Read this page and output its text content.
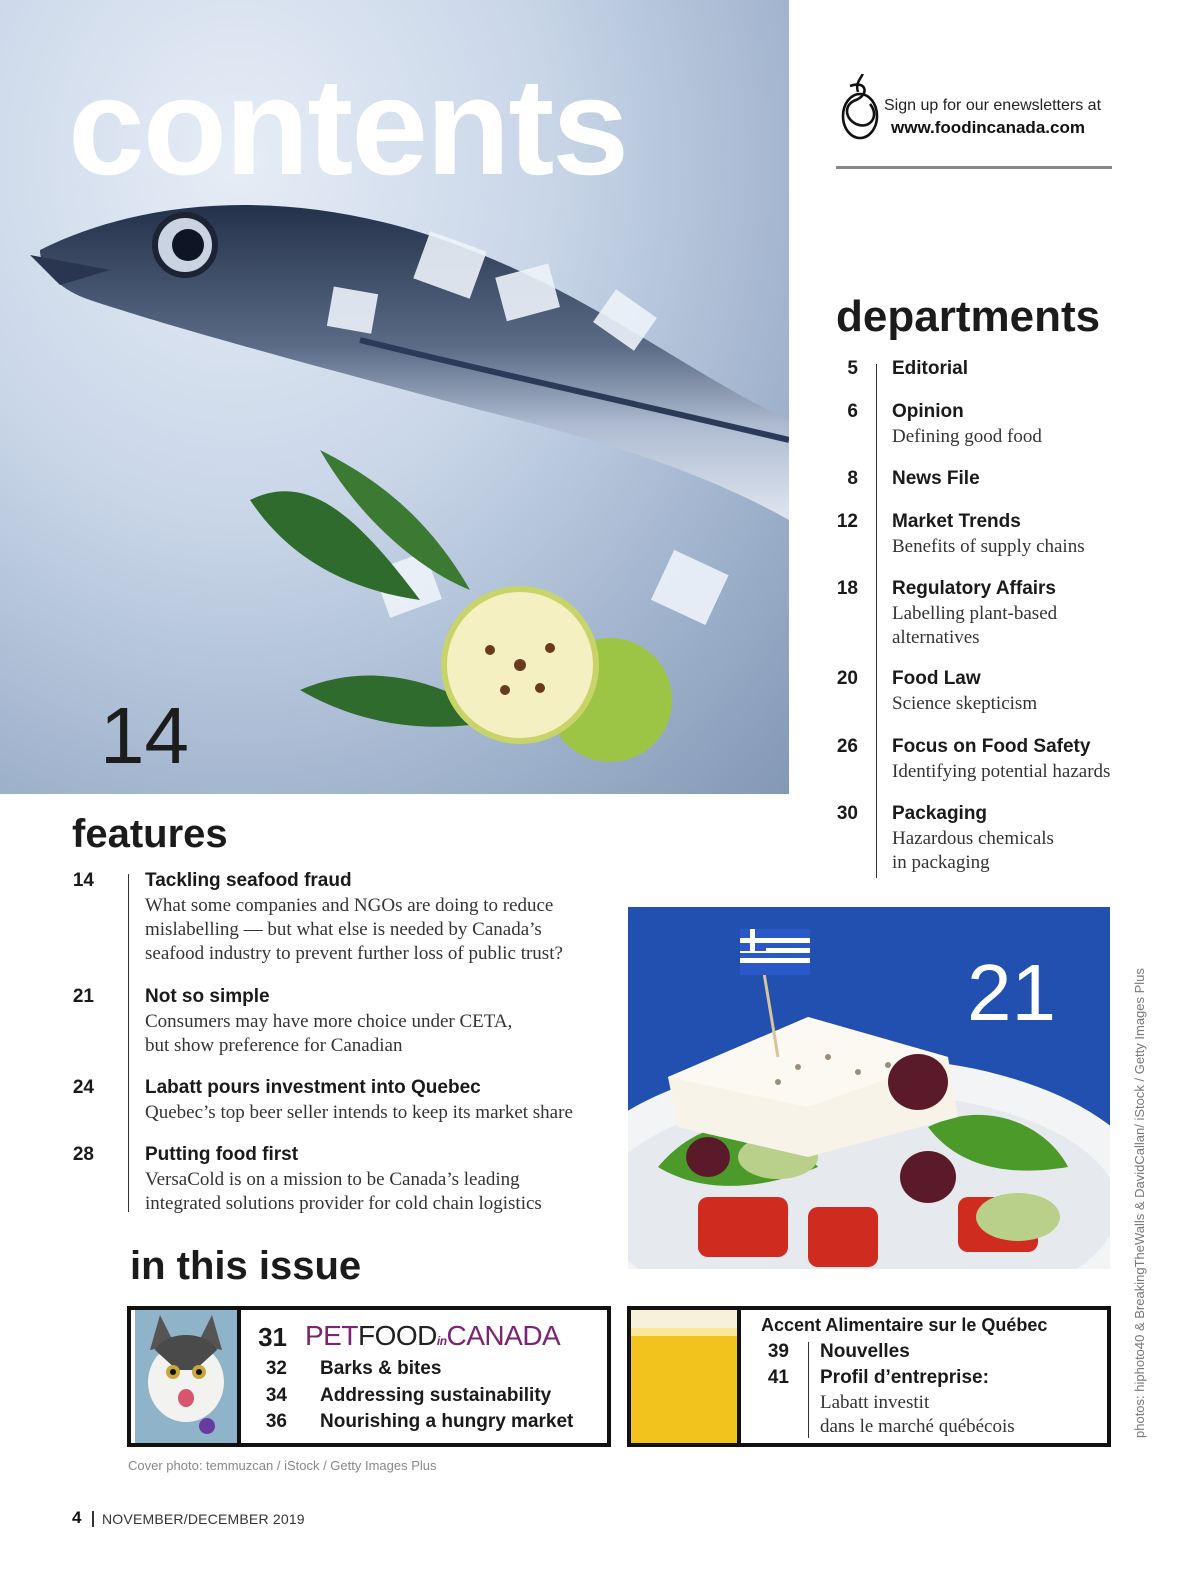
contents
14
Sign up for our enewsletters at
www.foodincanada.com
departments
5 Editorial
6 Opinion
Defining good food
8 News File
12 Market Trends
Benefits of supply chains
18 Regulatory Affairs
Labelling plant-based
alternatives
20 Food Law
Science skepticism
26 Focus on Food Safety
Identifying potential hazards
30 Packaging
Hazardous chemicals
in packaging
features
14	Tackling seafood fraud
What some companies and NGOs are doing to reduce
mislabelling — but what else is needed by Canada’s
seafood industry to prevent further loss of public trust?
21	Not so simple
Consumers may have more choice under CETA,
but show preference for Canadian
24	Labatt pours investment into Quebec
Quebec’s top beer seller intends to keep its market share
28	Putting food first
VersaCold is on a mission to be Canada’s leading
integrated solutions provider for cold chain logistics
21	photos: hiphoto40 & BreakingTheWalls & DavidCallan/ iStock / Getty Images Plus
in this issue
31 PETFOODinCANADA
32 Barks & bites
34 Addressing sustainability
36 Nourishing a hungry market
Accent Alimentaire sur le Québec
39 Nouvelles
41 Profil d’entreprise:
Labatt investit
dans le marché québécois
Cover photo: temmuzcan / iStock / Getty Images Plus
4 NOVEMBER/DECEMBER 2019
